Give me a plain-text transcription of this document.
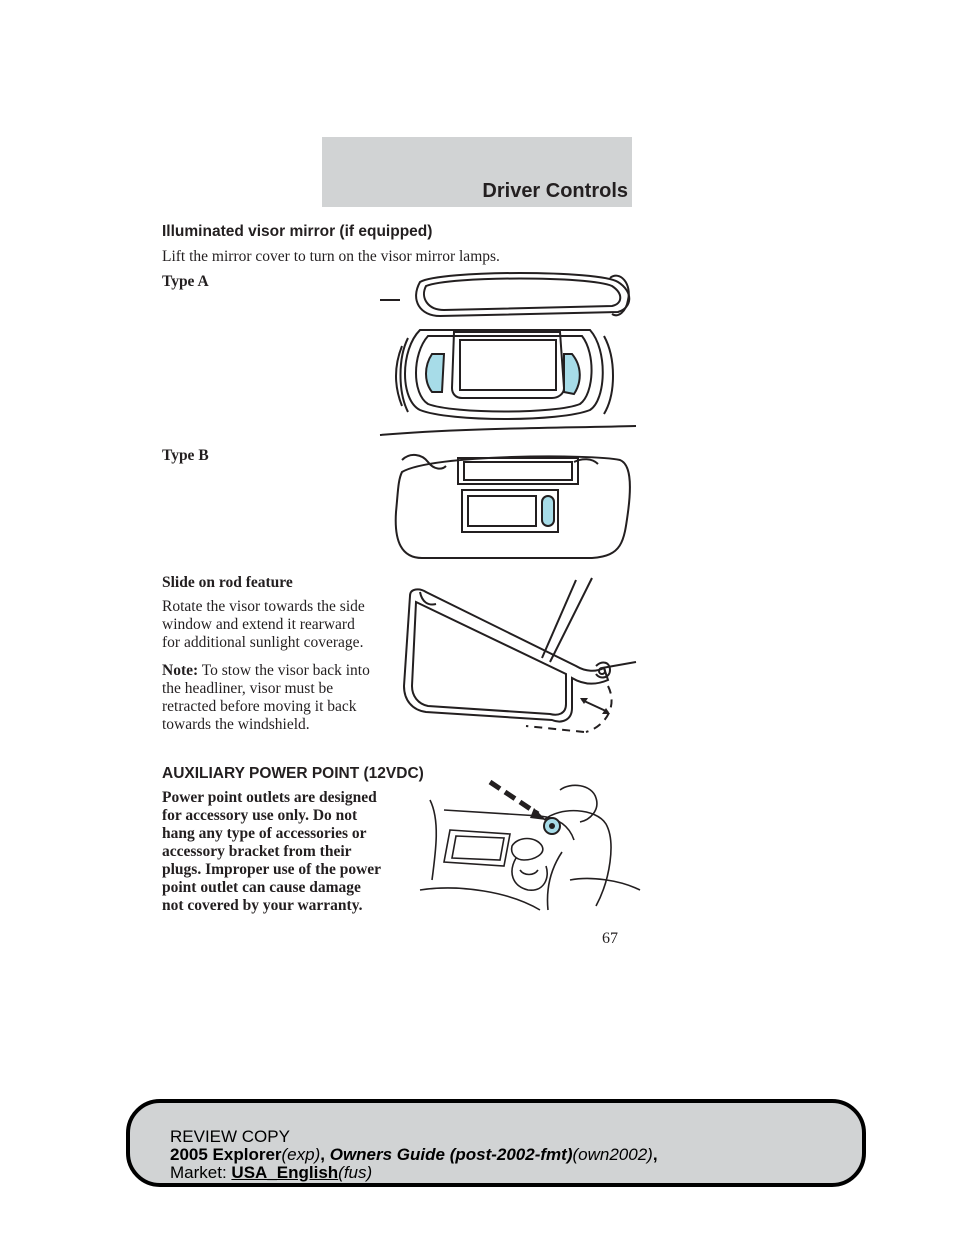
Driver Controls
Illuminated visor mirror (if equipped)
Lift the mirror cover to turn on the visor mirror lamps.
Type A
Type B
Slide on rod feature
Rotate the visor towards the side window and extend it rearward for additional sunlight coverage.
Note: To stow the visor back into the headliner, visor must be retracted before moving it back towards the windshield.
AUXILIARY POWER POINT (12VDC)
Power point outlets are designed for accessory use only. Do not hang any type of accessories or accessory bracket from their plugs. Improper use of the power point outlet can cause damage not covered by your warranty.
67
REVIEW COPY
2005 Explorer(exp), Owners Guide (post-2002-fmt)(own2002),
Market: USA_English(fus)
